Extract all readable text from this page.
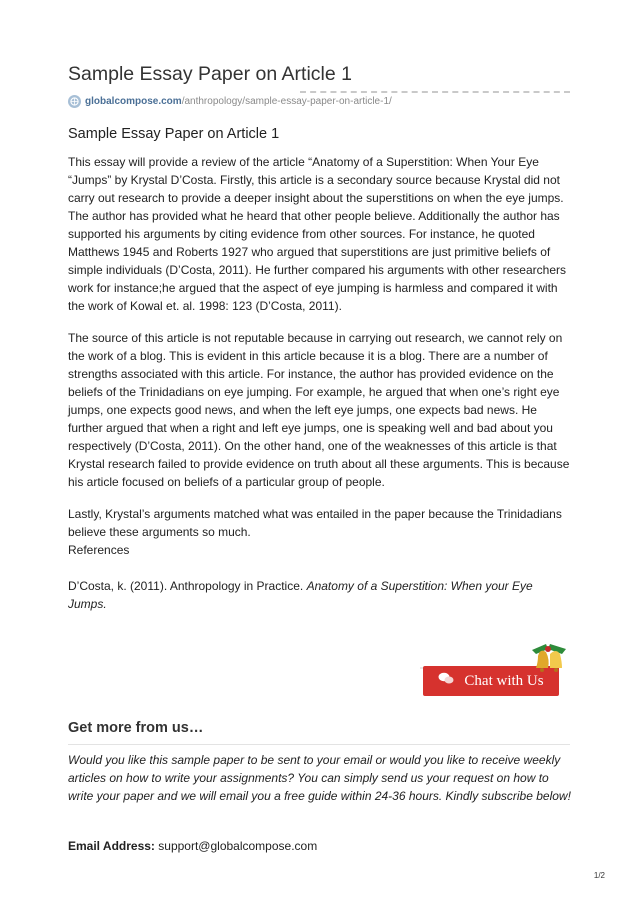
Sample Essay Paper on Article 1
globalcompose.com /anthropology/sample-essay-paper-on-article-1/
Sample Essay Paper on Article 1

This essay will provide a review of the article “Anatomy of a Superstition: When Your Eye “Jumps” by Krystal D’Costa. Firstly, this article is a secondary source because Krystal did not carry out research to provide a deeper insight about the superstitions on when the eye jumps. The author has provided what he heard that other people believe. Additionally the author has supported his arguments by citing evidence from other sources. For instance, he quoted Matthews 1945 and Roberts 1927 who argued that superstitions are just primitive beliefs of simple individuals (D’Costa, 2011). He further compared his arguments with other researchers work for instance;he argued that the aspect of eye jumping is harmless and compared it with the work of Kowal et. al. 1998: 123 (D’Costa, 2011).

The source of this article is not reputable because in carrying out research, we cannot rely on the work of a blog. This is evident in this article because it is a blog. There are a number of strengths associated with this article. For instance, the author has provided evidence on the beliefs of the Trinidadians on eye jumping. For example, he argued that when one’s right eye jumps, one expects good news, and when the left eye jumps, one expects bad news. He further argued that when a right and left eye jumps, one is speaking well and bad about you respectively (D’Costa, 2011). On the other hand, one of the weaknesses of this article is that Krystal research failed to provide evidence on truth about all these arguments. This is because his article focused on beliefs of a particular group of people.

Lastly, Krystal’s arguments matched what was entailed in the paper because the Trinidadians believe these arguments so much.

References

D’Costa, k. (2011). Anthropology in Practice. Anatomy of a Superstition: When your Eye Jumps.

Chat with Us
Get more from us…

Would you like this sample paper to be sent to your email or would you like to receive weekly articles on how to write your assignments? You can simply send us your request on how to write your paper and we will email you a free guide within 24-36 hours. Kindly subscribe below!

Email Address: support@globalcompose.com

1/2
